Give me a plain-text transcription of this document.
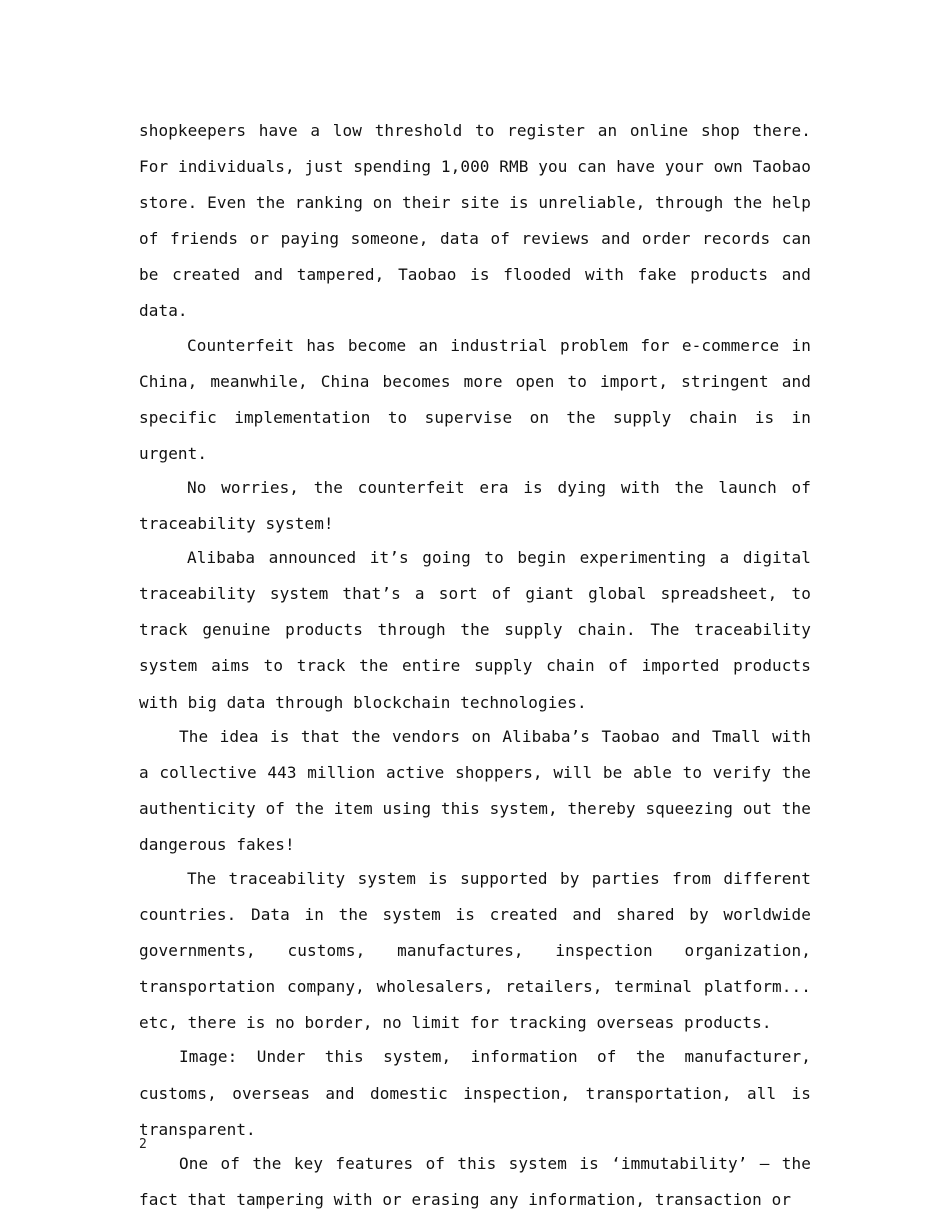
shopkeepers have a low threshold to register an online shop there. For individuals, just spending 1,000 RMB you can have your own Taobao store. Even the ranking on their site is unreliable, through the help of friends or paying someone, data of reviews and order records can be created and tampered, Taobao is flooded with fake products and data.

Counterfeit has become an industrial problem for e-commerce in China, meanwhile, China becomes more open to import, stringent and specific implementation to supervise on the supply chain is in urgent.

No worries, the counterfeit era is dying with the launch of traceability system!

Alibaba announced it’s going to begin experimenting a digital traceability system that’s a sort of giant global spreadsheet, to track genuine products through the supply chain. The traceability system aims to track the entire supply chain of imported products with big data through blockchain technologies.

The idea is that the vendors on Alibaba’s Taobao and Tmall with a collective 443 million active shoppers, will be able to verify the authenticity of the item using this system, thereby squeezing out the dangerous fakes!

The traceability system is supported by parties from different countries. Data in the system is created and shared by worldwide governments, customs, manufactures, inspection organization, transportation company, wholesalers, retailers, terminal platform... etc, there is no border, no limit for tracking overseas products.

Image: Under this system, information of the manufacturer, customs, overseas and domestic inspection, transportation, all is transparent.

One of the key features of this system is ‘immutability’ – the fact that tampering with or erasing any information, transaction or

2
